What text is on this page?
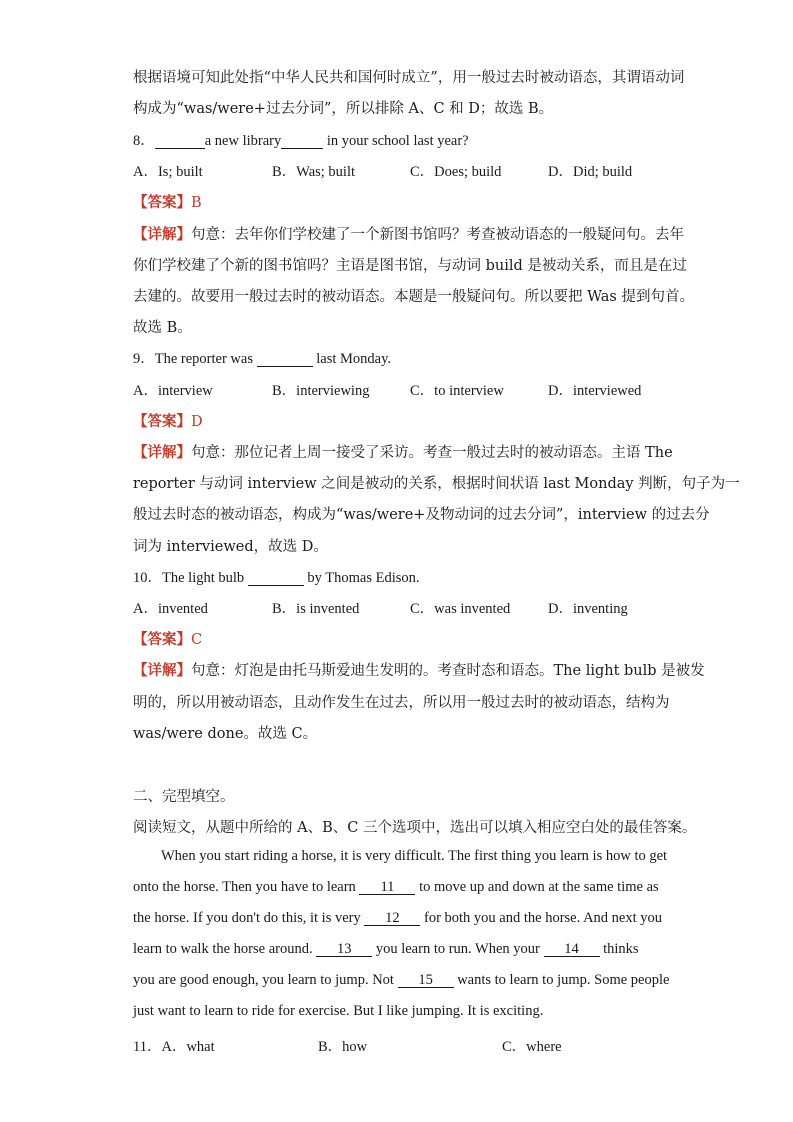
根据语境可知此处指“中华人民共和国何时成立”，用一般过去时被动语态，其谓语动词
构成为“was/were+过去分词”，所以排除 A、C 和 D；故选 B。
8．	a new library	in your school last year?
A．Is; built	B．Was; built	C．Does; build	D．Did; build
【答案】B
【详解】句意：去年你们学校建了一个新图书馆吗？考查被动语态的一般疑问句。去年
你们学校建了个新的图书馆吗？主语是图书馆，与动词 build 是被动关系，而且是在过
去建的。故要用一般过去时的被动语态。本题是一般疑问句。所以要把 Was 提到句首。
故选 B。
9．The reporter was	last Monday.
A．interview	B．interviewing	C．to interview	D．interviewed
【答案】D
【详解】句意：那位记者上周一接受了采访。考查一般过去时的被动语态。主语 The
reporter 与动词 interview 之间是被动的关系，根据时间状语 last Monday 判断，句子为一
般过去时态的被动语态，构成为“was/were+及物动词的过去分词”，interview 的过去分
词为 interviewed，故选 D。
10．The light bulb	by Thomas Edison.
A．invented	B．is invented	C．was invented	D．inventing
【答案】C
【详解】句意：灯泡是由托马斯爱迪生发明的。考查时态和语态。The light bulb 是被发
明的，所以用被动语态，且动作发生在过去，所以用一般过去时的被动语态，结构为
was/were done。故选 C。
二、完型填空。
阅读短文，从题中所给的 A、B、C 三个选项中，选出可以填入相应空白处的最佳答案。
When you start riding a horse, it is very difficult. The first thing you learn is how to get
onto the horse. Then you have to learn 11 to move up and down at the same time as
the horse. If you don't do this, it is very 12 for both you and the horse. And next you
learn to walk the horse around. 13 you learn to run. When your 14 thinks
you are good enough, you learn to jump. Not 15 wants to learn to jump. Some people
just want to learn to ride for exercise. But I like jumping. It is exciting.
11．A．what	B．how	C．where
